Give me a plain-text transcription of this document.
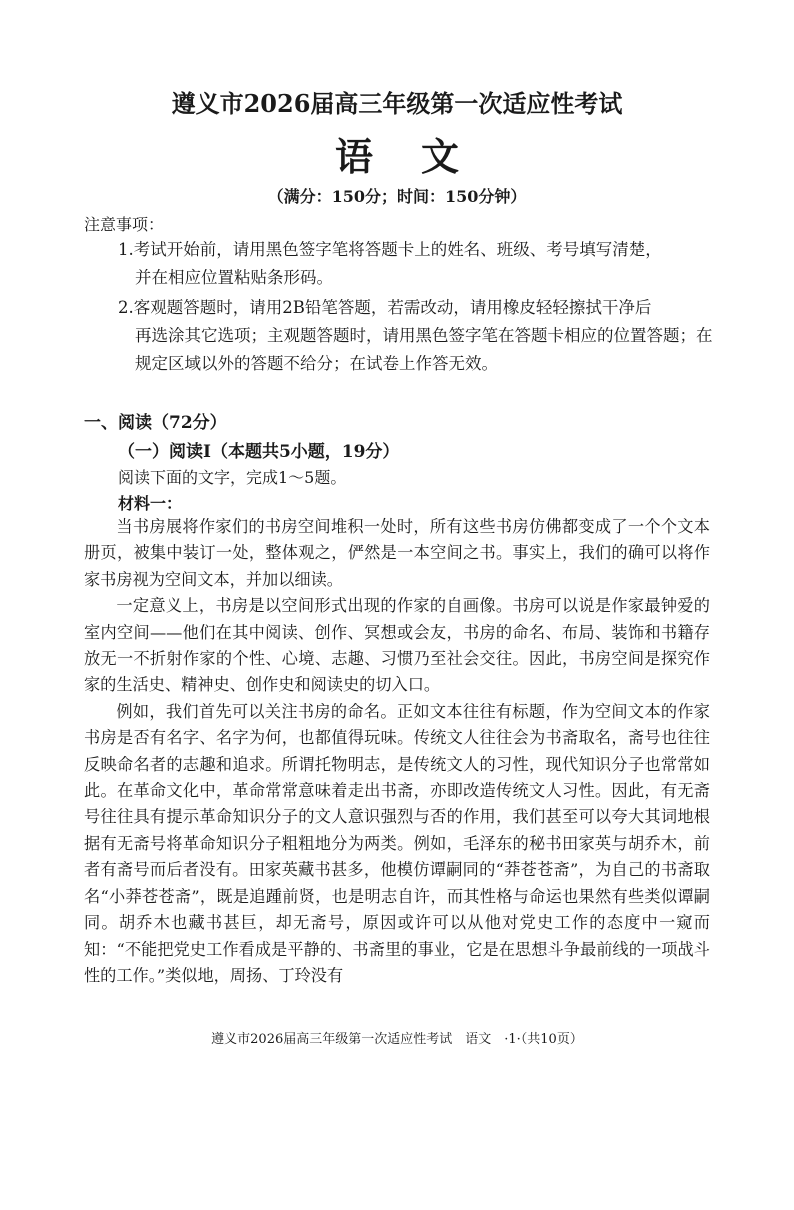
遵义市2026届高三年级第一次适应性考试
语 文
（满分：150分；时间：150分钟）
注意事项：
1.考试开始前，请用黑色签字笔将答题卡上的姓名、班级、考号填写清楚，
并在相应位置粘贴条形码。
2.客观题答题时，请用2B铅笔答题，若需改动，请用橡皮轻轻擦拭干净后
再选涂其它选项；主观题答题时，请用黑色签字笔在答题卡相应的位置答题；在规定区域以外的答题不给分；在试卷上作答无效。
一、阅读（72分）
（一）阅读Ⅰ（本题共5小题，19分）
阅读下面的文字，完成1～5题。
材料一：

当书房展将作家们的书房空间堆积一处时，所有这些书房仿佛都变成了一个个文本册页，被集中装订一处，整体观之，俨然是一本空间之书。事实上，我们的确可以将作家书房视为空间文本，并加以细读。

一定意义上，书房是以空间形式出现的作家的自画像。书房可以说是作家最钟爱的室内空间——他们在其中阅读、创作、冥想或会友，书房的命名、布局、装饰和书籍存放无一不折射作家的个性、心境、志趣、习惯乃至社会交往。因此，书房空间是探究作家的生活史、精神史、创作史和阅读史的切入口。

例如，我们首先可以关注书房的命名。正如文本往往有标题，作为空间文本的作家书房是否有名字、名字为何，也都值得玩味。传统文人往往会为书斋取名，斋号也往往反映命名者的志趣和追求。所谓托物明志，是传统文人的习性，现代知识分子也常常如此。在革命文化中，革命常常意味着走出书斋，亦即改造传统文人习性。因此，有无斋号往往具有提示革命知识分子的文人意识强烈与否的作用，我们甚至可以夸大其词地根据有无斋号将革命知识分子粗粗地分为两类。例如，毛泽东的秘书田家英与胡乔木，前者有斋号而后者没有。田家英藏书甚多，他模仿谭嗣同的“莽苍苍斋”，为自己的书斋取名“小莽苍苍斋”，既是追踵前贤，也是明志自许，而其性格与命运也果然有些类似谭嗣同。胡乔木也藏书甚巨，却无斋号，原因或许可以从他对党史工作的态度中一窥而知：“不能把党史工作看成是平静的、书斋里的事业，它是在思想斗争最前线的一项战斗性的工作。”类似地，周扬、丁玲没有

遵义市2026届高三年级第一次适应性考试　语文　·1·（共10页）
